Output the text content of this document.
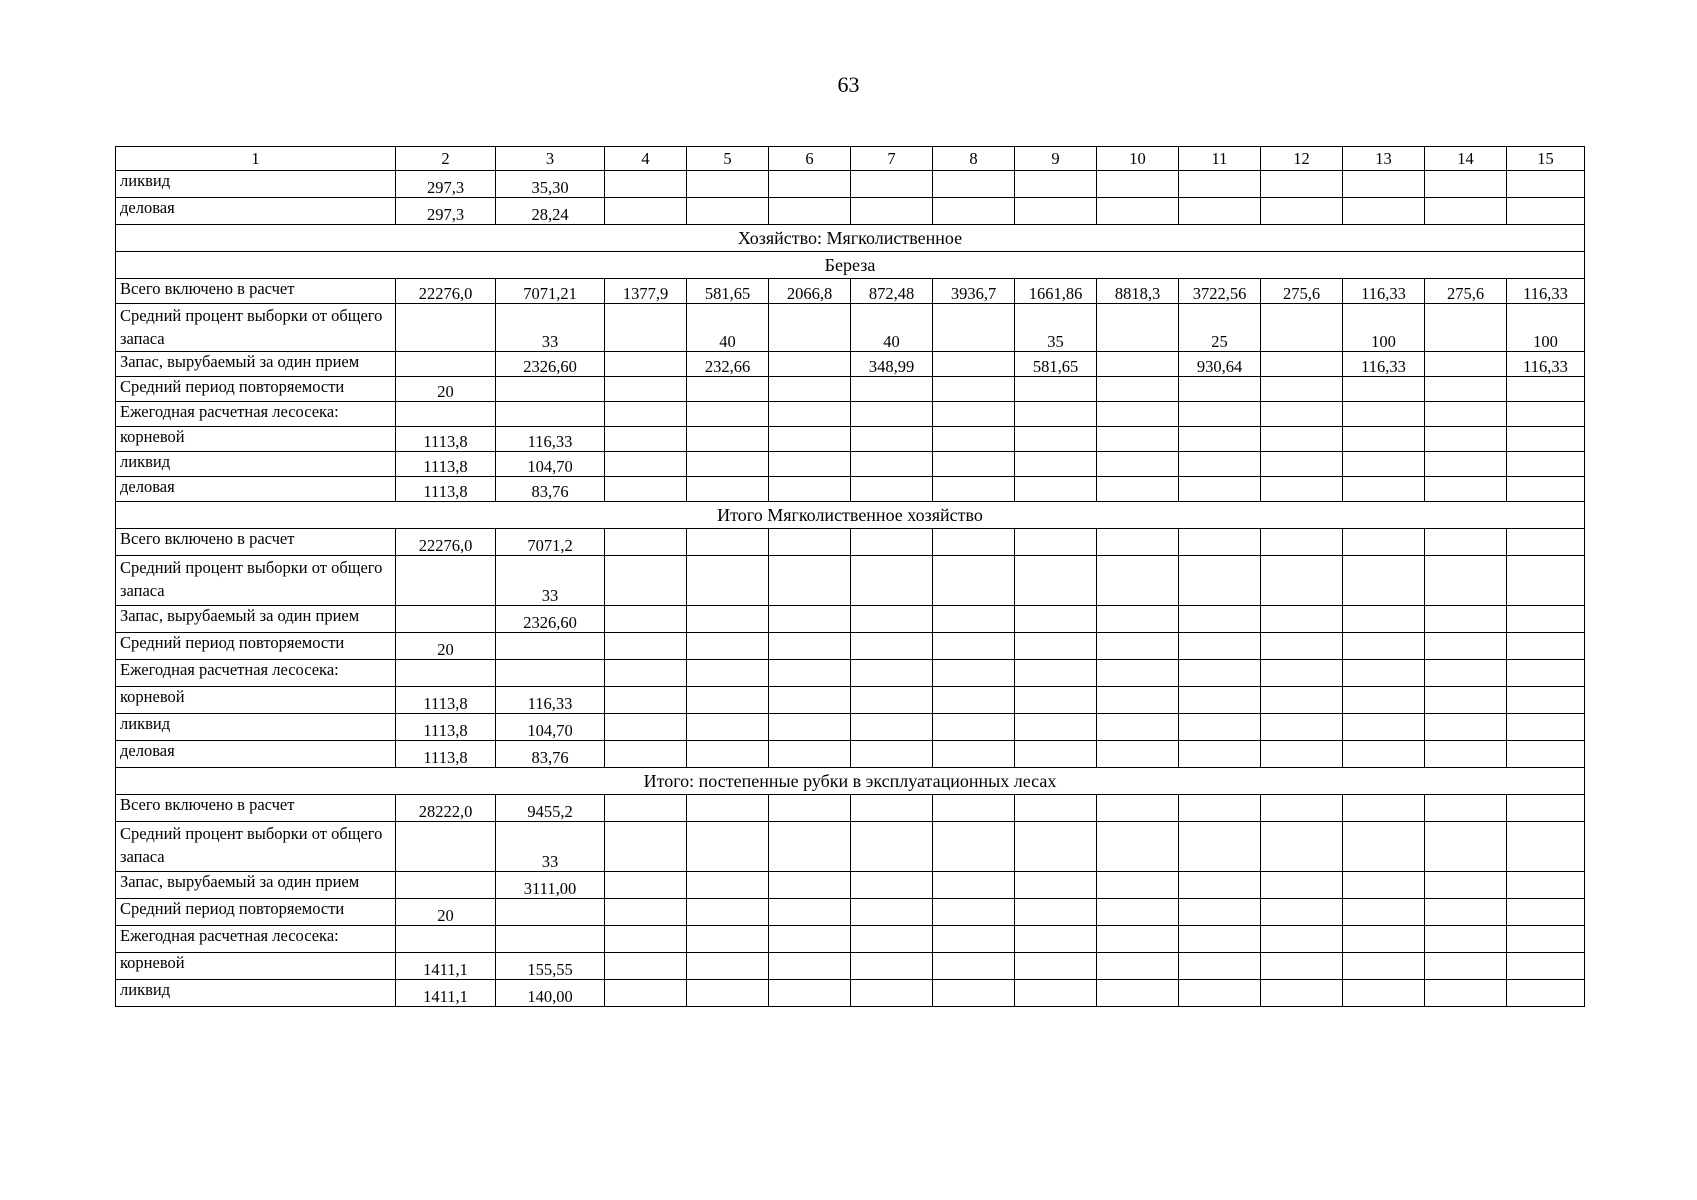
63
1	2	3	4	5	6	7	8	9	10	11	12	13	14	15
ликвид	297,3	35,30												
деловая	297,3	28,24												
Хозяйство: Мягколиственное														
Береза														
Всего включено в расчет	22276,0	7071,21	1377,9	581,65	2066,8	872,48	3936,7	1661,86	8818,3	3722,56	275,6	116,33	275,6	116,33
Средний процент выборки от общего запаса		33		40		40		35		25		100		100
Запас, вырубаемый за один прием		2326,60		232,66		348,99		581,65		930,64		116,33		116,33
Средний период повторяемости	20													
Ежегодная расчетная лесосека:														
корневой	1113,8	116,33												
ликвид	1113,8	104,70												
деловая	1113,8	83,76												
Итого Мягколиственное хозяйство														
Всего включено в расчет	22276,0	7071,2												
Средний процент выборки от общего запаса		33												
Запас, вырубаемый за один прием		2326,60												
Средний период повторяемости	20													
Ежегодная расчетная лесосека:														
корневой	1113,8	116,33												
ликвид	1113,8	104,70												
деловая	1113,8	83,76												
Итого: постепенные рубки в эксплуатационных лесах														
Всего включено в расчет	28222,0	9455,2												
Средний процент выборки от общего запаса		33												
Запас, вырубаемый за один прием		3111,00												
Средний период повторяемости	20													
Ежегодная расчетная лесосека:														
корневой	1411,1	155,55												
ликвид	1411,1	140,00												
